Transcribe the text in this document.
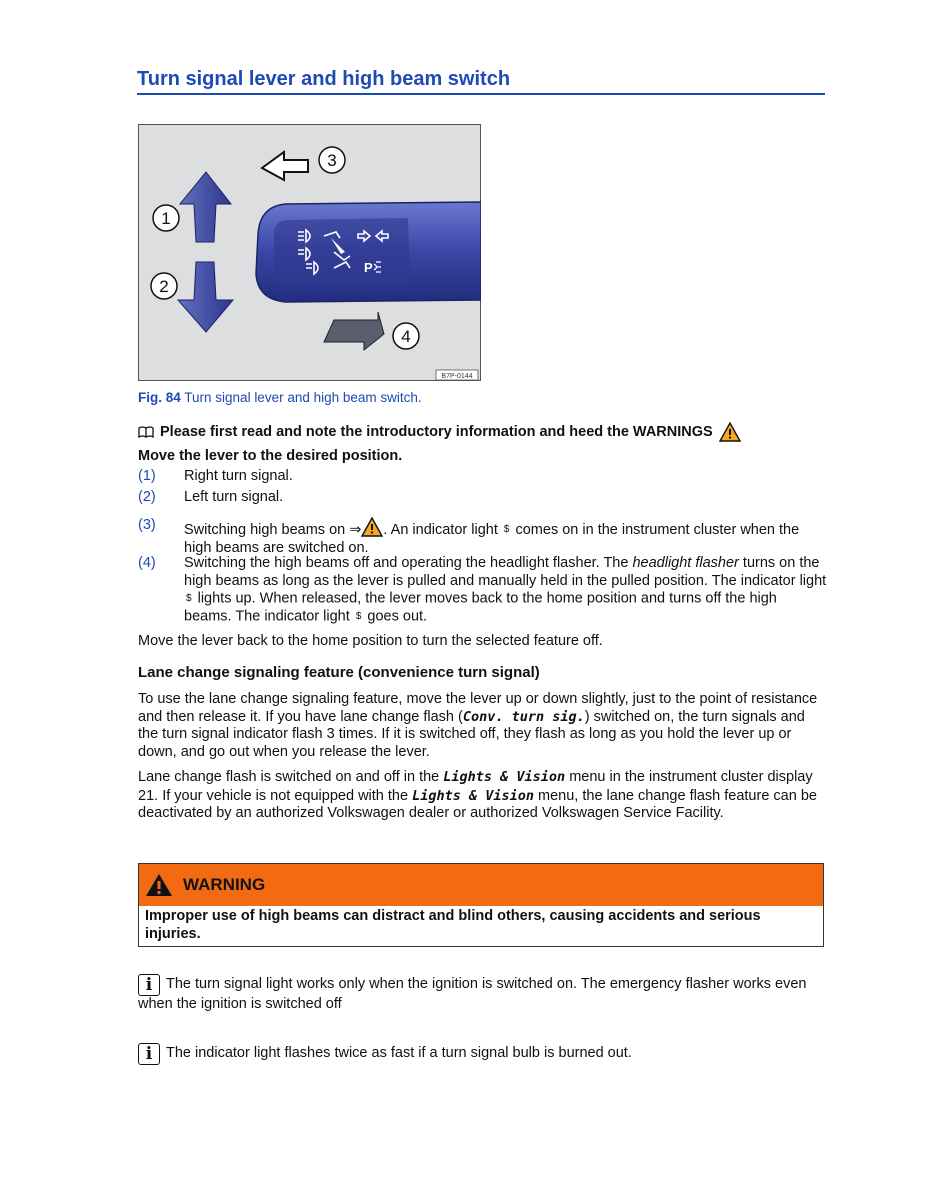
Turn signal lever and high beam switch
P
3
1
2
4
B7P-0144
Fig. 84 Turn signal lever and high beam switch.
Please first read and note the introductory information and heed the WARNINGS
Move the lever to the desired position.
(1) Right turn signal.
(2) Left turn signal.
(3) Switching high beams on ⇒ . An indicator light $ comes on in the instrument cluster when the high beams are switched on.
(4) Switching the high beams off and operating the headlight flasher. The headlight flasher turns on the high beams as long as the lever is pulled and manually held in the pulled position. The indicator light $ lights up. When released, the lever moves back to the home position and turns off the high beams. The indicator light $ goes out.
Move the lever back to the home position to turn the selected feature off.
Lane change signaling feature (convenience turn signal)
To use the lane change signaling feature, move the lever up or down slightly, just to the point of resistance and then release it. If you have lane change flash (Conv. turn sig.) switched on, the turn signals and the turn signal indicator flash 3 times. If it is switched off, they flash as long as you hold the lever up or down, and go out when you release the lever.
Lane change flash is switched on and off in the Lights & Vision menu in the instrument cluster display 21. If your vehicle is not equipped with the Lights & Vision menu, the lane change flash feature can be deactivated by an authorized Volkswagen dealer or authorized Volkswagen Service Facility.
WARNING
Improper use of high beams can distract and blind others, causing accidents and serious injuries.
i The turn signal light works only when the ignition is switched on. The emergency flasher works even when the ignition is switched off
i The indicator light flashes twice as fast if a turn signal bulb is burned out.
